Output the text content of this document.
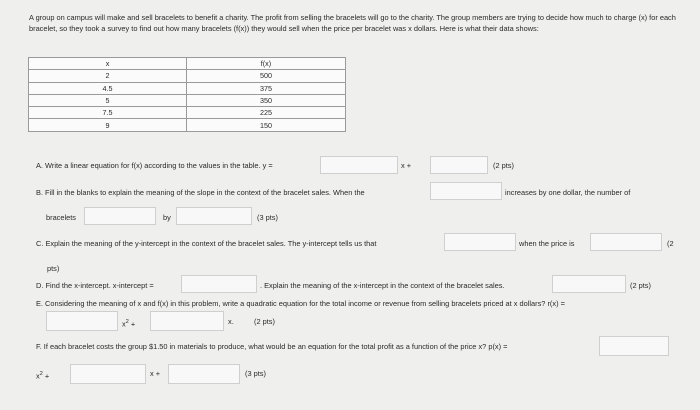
A group on campus will make and sell bracelets to benefit a charity. The profit from selling the bracelets will go to the charity. The group members are trying to decide how much to charge (x) for each bracelet, so they took a survey to find out how many bracelets (f(x)) they would sell when the price per bracelet was x dollars. Here is what their data shows:
x	f(x)
2	500
4.5	375
5	350
7.5	225
9	150
A. Write a linear equation for f(x) according to the values in the table. y =	x +	(2 pts)
B. Fill in the blanks to explain the meaning of the slope in the context of the bracelet sales. When the	increases by one dollar, the number of
bracelets	by	(3 pts)
C. Explain the meaning of the y-intercept in the context of the bracelet sales. The y-intercept tells us that	when the price is	(2
pts)
D. Find the x-intercept. x-intercept =	. Explain the meaning of the x-intercept in the context of the bracelet sales.	(2 pts)
E. Considering the meaning of x and f(x) in this problem, write a quadratic equation for the total income or revenue from selling bracelets priced at x dollars? r(x) =
$x^2$ +	x.	(2 pts)
F. If each bracelet costs the group $1.50 in materials to produce, what would be an equation for the total profit as a function of the price x? p(x) =
$x^2$ +	x +	(3 pts)
